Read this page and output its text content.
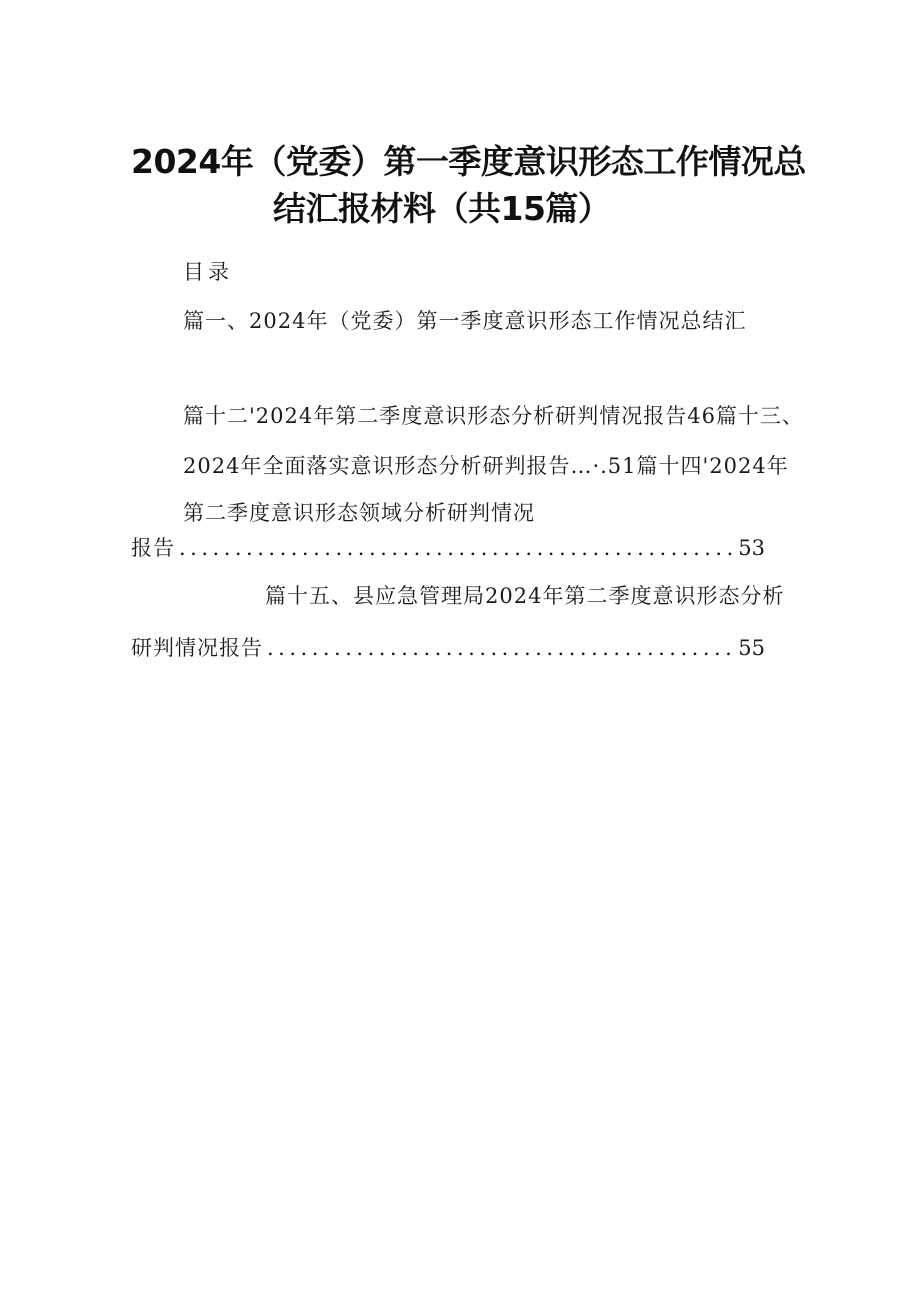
2024年（党委）第一季度意识形态工作情况总
结汇报材料（共15篇）
目录
篇一、2024年（党委）第一季度意识形态工作情况总结汇
篇十二'2024年第二季度意识形态分析研判情况报告46篇十三、
2024年全面落实意识形态分析研判报告…·.51篇十四'2024年
第二季度意识形态领域分析研判情况
报告 .....	53
篇十五、县应急管理局2024年第二季度意识形态分析
研判情况报告 .....	55
